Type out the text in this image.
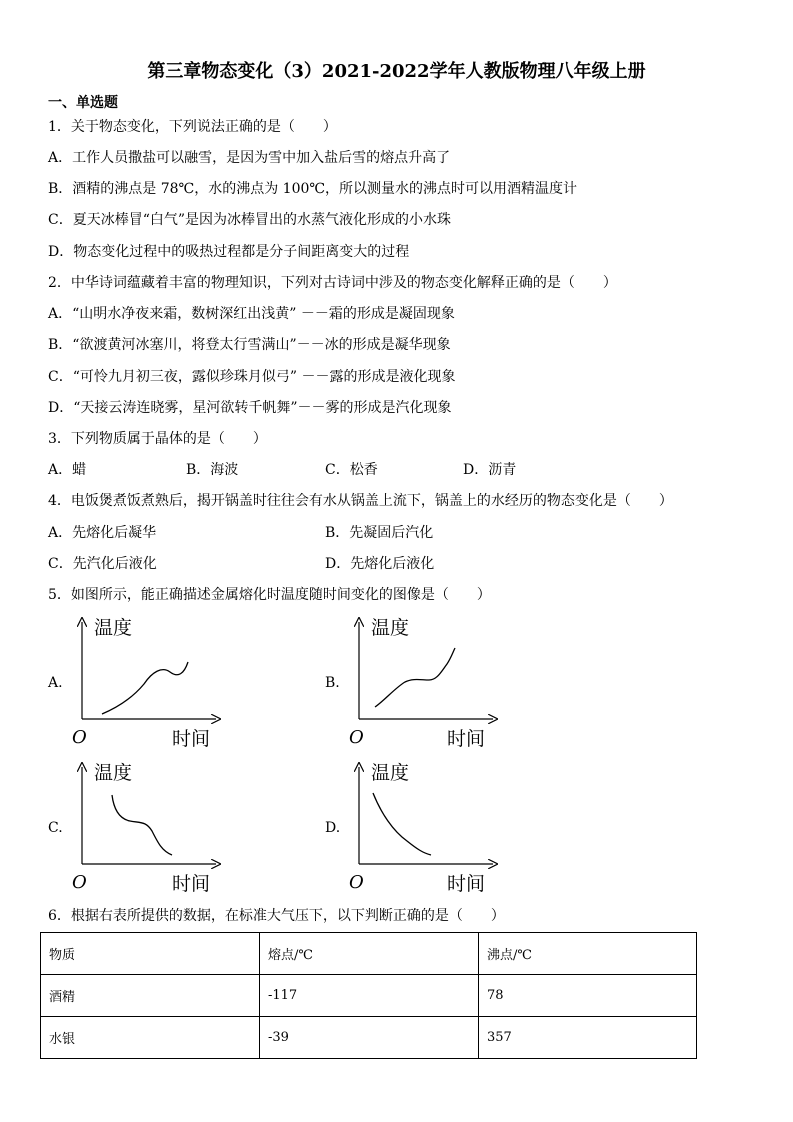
第三章物态变化（3）2021-2022学年人教版物理八年级上册
一、单选题
1．关于物态变化，下列说法正确的是（　　）
A．工作人员撒盐可以融雪，是因为雪中加入盐后雪的熔点升高了
B．酒精的沸点是 78℃，水的沸点为 100℃，所以测量水的沸点时可以用酒精温度计
C．夏天冰棒冒“白气”是因为冰棒冒出的水蒸气液化形成的小水珠
D．物态变化过程中的吸热过程都是分子间距离变大的过程
2．中华诗词蕴藏着丰富的物理知识，下列对古诗词中涉及的物态变化解释正确的是（　　）
A．“山明水净夜来霜，数树深红出浅黄” －－霜的形成是凝固现象
B．“欲渡黄河冰塞川，将登太行雪满山”－－冰的形成是凝华现象
C．“可怜九月初三夜，露似珍珠月似弓” －－露的形成是液化现象
D．“天接云涛连晓雾，星河欲转千帆舞”－－雾的形成是汽化现象
3．下列物质属于晶体的是（　　）
A．蜡	B．海波	C．松香	D．沥青
4．电饭煲煮饭煮熟后，揭开锅盖时往往会有水从锅盖上流下，锅盖上的水经历的物态变化是（　　）
A．先熔化后凝华	B．先凝固后汽化
C．先汽化后液化	D．先熔化后液化
5．如图所示，能正确描述金属熔化时温度随时间变化的图像是（　　）
A.	B.
C.	D.
温度
时间
O
温度
时间
O
温度
时间
O
温度
时间
O
6．根据右表所提供的数据，在标准大气压下，以下判断正确的是（　　）
物质	熔点/℃	沸点/℃
酒精	-117	78
水银	-39	357
